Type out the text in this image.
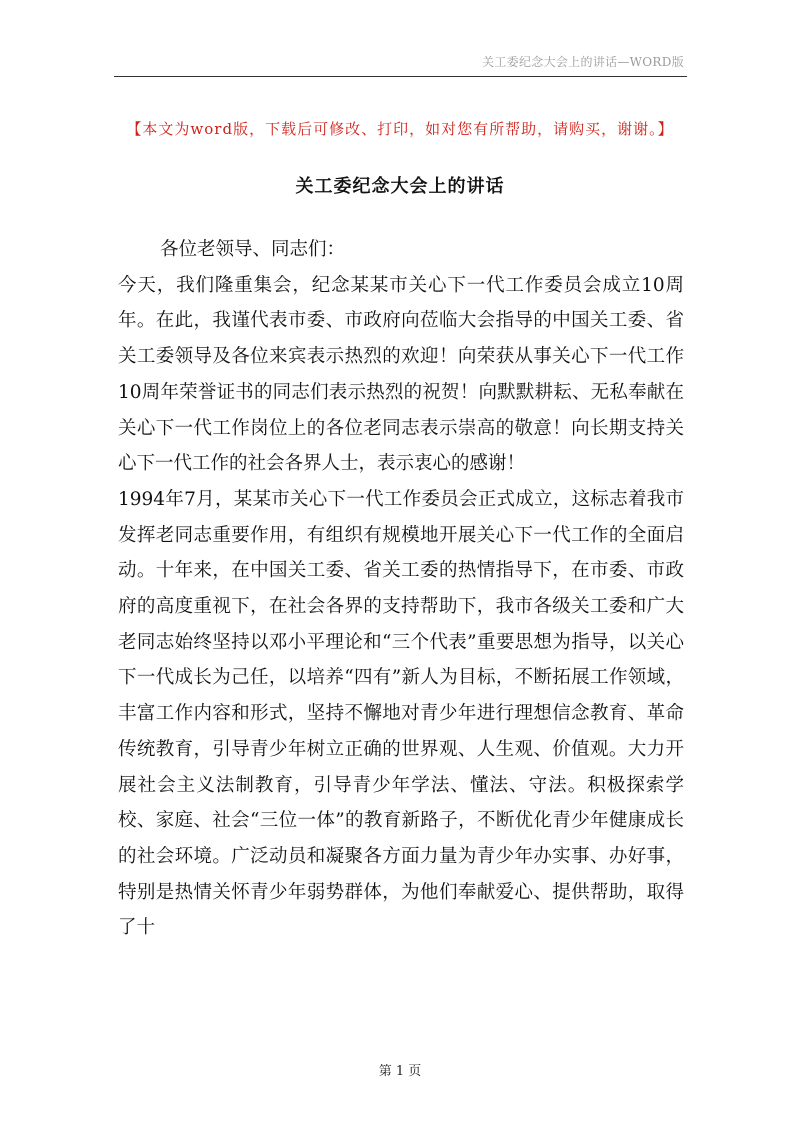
关工委纪念大会上的讲话—WORD版
【本文为word版，下载后可修改、打印，如对您有所帮助，请购买，谢谢。】
关工委纪念大会上的讲话

各位老领导、同志们：

今天，我们隆重集会，纪念某某市关心下一代工作委员会成立10周年。在此，我谨代表市委、市政府向莅临大会指导的中国关工委、省关工委领导及各位来宾表示热烈的欢迎！向荣获从事关心下一代工作10周年荣誉证书的同志们表示热烈的祝贺！向默默耕耘、无私奉献在关心下一代工作岗位上的各位老同志表示崇高的敬意！向长期支持关心下一代工作的社会各界人士，表示衷心的感谢！

1994年7月，某某市关心下一代工作委员会正式成立，这标志着我市发挥老同志重要作用，有组织有规模地开展关心下一代工作的全面启动。十年来，在中国关工委、省关工委的热情指导下，在市委、市政府的高度重视下，在社会各界的支持帮助下，我市各级关工委和广大老同志始终坚持以邓小平理论和“三个代表”重要思想为指导，以关心下一代成长为己任，以培养“四有”新人为目标，不断拓展工作领域，丰富工作内容和形式，坚持不懈地对青少年进行理想信念教育、革命传统教育，引导青少年树立正确的世界观、人生观、价值观。大力开展社会主义法制教育，引导青少年学法、懂法、守法。积极探索学校、家庭、社会“三位一体”的教育新路子，不断优化青少年健康成长的社会环境。广泛动员和凝聚各方面力量为青少年办实事、办好事，特别是热情关怀青少年弱势群体，为他们奉献爱心、提供帮助，取得了十

第 1 页
